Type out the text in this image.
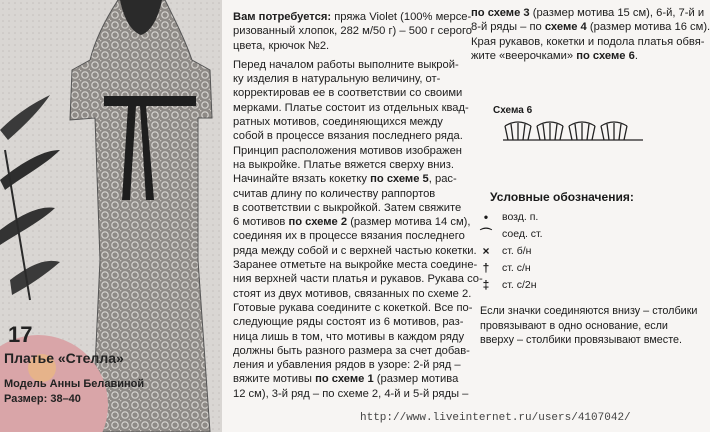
17
Платье «Стелла»
Модель Анны Белавиной
Размер: 38–40

Вам потребуется: пряжа Violet (100% мерсе-

ризованный хлопок, 282 м/50 г) – 500 г серого

цвета, крючок №2.

Перед началом работы выполните выкрой-

ку изделия в натуральную величину, от-

корректировав ее в соответствии со своими

мерками. Платье состоит из отдельных квад-

ратных мотивов, соединяющихся между

собой в процессе вязания последнего ряда.

Принцип расположения мотивов изображен

на выкройке. Платье вяжется сверху вниз.

Начинайте вязать кокетку по схеме 5, рас-

считав длину по количеству раппортов

в соответствии с выкройкой. Затем свяжите

6 мотивов по схеме 2 (размер мотива 14 см),

соединяя их в процессе вязания последнего

ряда между собой и с верхней частью кокетки.

Заранее отметьте на выкройке места соедине-

ния верхней части платья и рукавов. Рукава со-

стоят из двух мотивов, связанных по схеме 2.

Готовые рукава соедините с кокеткой. Все по-

следующие ряды состоят из 6 мотивов, раз-

ница лишь в том, что мотивы в каждом ряду

должны быть разного размера за счет добав-

ления и убавления рядов в узоре: 2-й ряд –

вяжите мотивы по схеме 1 (размер мотива

12 см), 3-й ряд – по схеме 2, 4-й и 5-й ряды –

по схеме 3 (размер мотива 15 см), 6-й, 7-й и

8-й ряды – по схеме 4 (размер мотива 16 см).

Края рукавов, кокетки и подола платья обвя-

жите «веерочками» по схеме 6.

Схема 6
Условные обозначения:
•	возд. п.
⌒ соед. ст.
×	ст. б/н
†	ст. с/н
‡	ст. с/2н

Если значки соединяются внизу – столбики

провязывают в одно основание, если

вверху – столбики провязывают вместе.

http://www.liveinternet.ru/users/4107042/
